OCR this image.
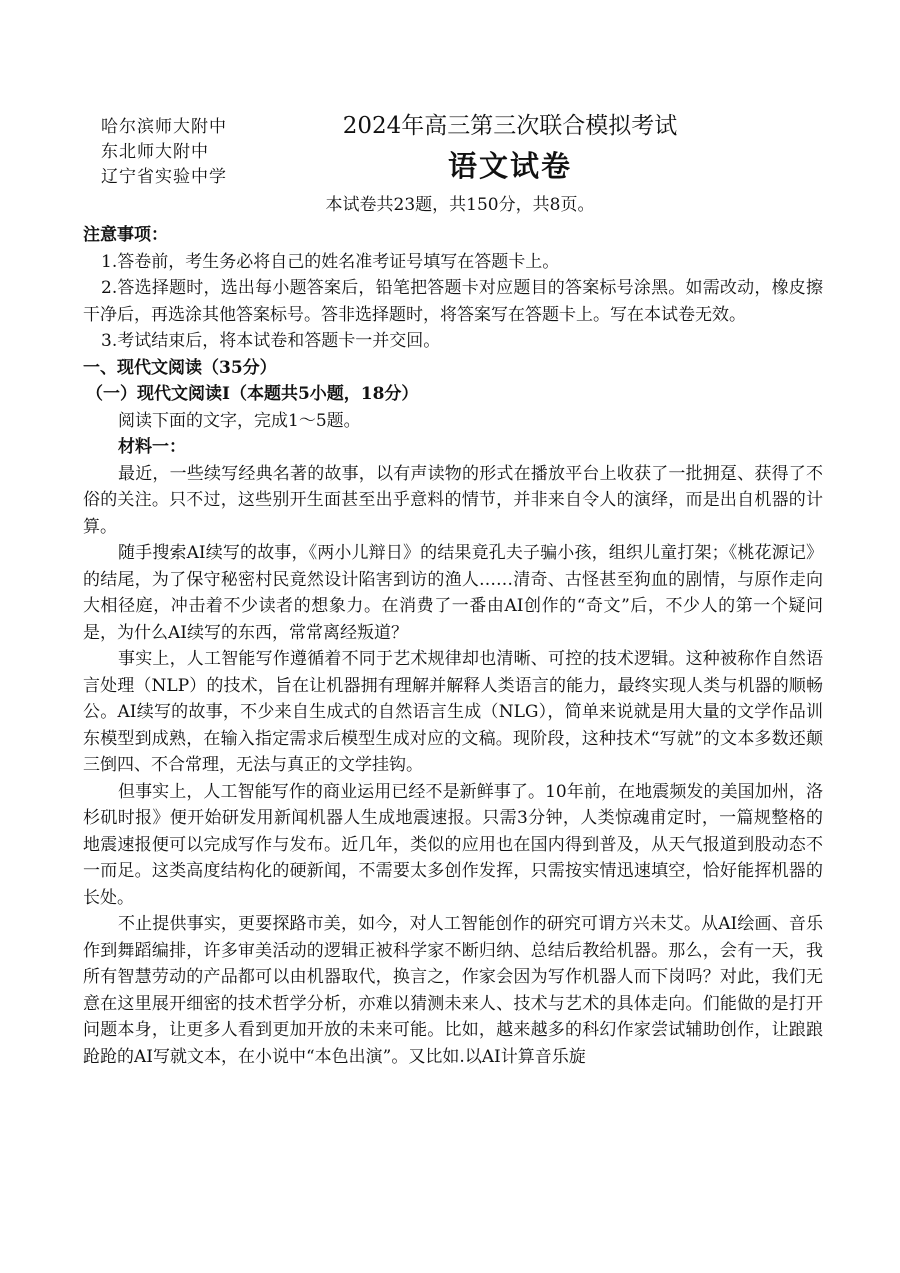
哈尔滨师大附中
东北师大附中
辽宁省实验中学
2024年高三第三次联合模拟考试
语文试卷
本试卷共23题，共150分，共8页。

注意事项：

1.答卷前，考生务必将自己的姓名准考证号填写在答题卡上。

2.答选择题时，选出每小题答案后，铅笔把答题卡对应题目的答案标号涂黑。如需改动，橡皮擦干净后，再选涂其他答案标号。答非选择题时，将答案写在答题卡上。写在本试卷无效。

3.考试结束后，将本试卷和答题卡一并交回。

一、现代文阅读（35分）

（一）现代文阅读Ⅰ（本题共5小题，18分）

阅读下面的文字，完成1～5题。

材料一：

最近，一些续写经典名著的故事，以有声读物的形式在播放平台上收获了一批拥趸、获得了不俗的关注。只不过，这些别开生面甚至出乎意料的情节，并非来自令人的演绎，而是出自机器的计算。

随手搜索AI续写的故事，《两小儿辩日》的结果竟孔夫子骗小孩，组织儿童打架；《桃花源记》的结尾，为了保守秘密村民竟然设计陷害到访的渔人……清奇、古怪甚至狗血的剧情，与原作走向大相径庭，冲击着不少读者的想象力。在消费了一番由AI创作的“奇文”后，不少人的第一个疑问是，为什么AI续写的东西，常常离经叛道？

事实上，人工智能写作遵循着不同于艺术规律却也清晰、可控的技术逻辑。这种被称作自然语言处理（NLP）的技术，旨在让机器拥有理解并解释人类语言的能力，最终实现人类与机器的顺畅公。AI续写的故事，不少来自生成式的自然语言生成（NLG），简单来说就是用大量的文学作品训东模型到成熟，在输入指定需求后模型生成对应的文稿。现阶段，这种技术“写就”的文本多数还颠三倒四、不合常理，无法与真正的文学挂钩。

但事实上，人工智能写作的商业运用已经不是新鲜事了。10年前，在地震频发的美国加州，洛杉矶时报》便开始研发用新闻机器人生成地震速报。只需3分钟，人类惊魂甫定时，一篇规整格的地震速报便可以完成写作与发布。近几年，类似的应用也在国内得到普及，从天气报道到股动态不一而足。这类高度结构化的硬新闻，不需要太多创作发挥，只需按实情迅速填空，恰好能挥机器的长处。

不止提供事实，更要探路市美，如今，对人工智能创作的研究可谓方兴未艾。从AI绘画、音乐作到舞蹈编排，许多审美活动的逻辑正被科学家不断归纳、总结后教给机器。那么，会有一天，我所有智慧劳动的产品都可以由机器取代，换言之，作家会因为写作机器人而下岗吗？对此，我们无意在这里展开细密的技术哲学分析，亦难以猜测未来人、技术与艺术的具体走向。们能做的是打开问题本身，让更多人看到更加开放的未来可能。比如，越来越多的科幻作家尝试辅助创作，让踉踉跄跄的AI写就文本，在小说中“本色出演”。又比如.以AI计算音乐旋
